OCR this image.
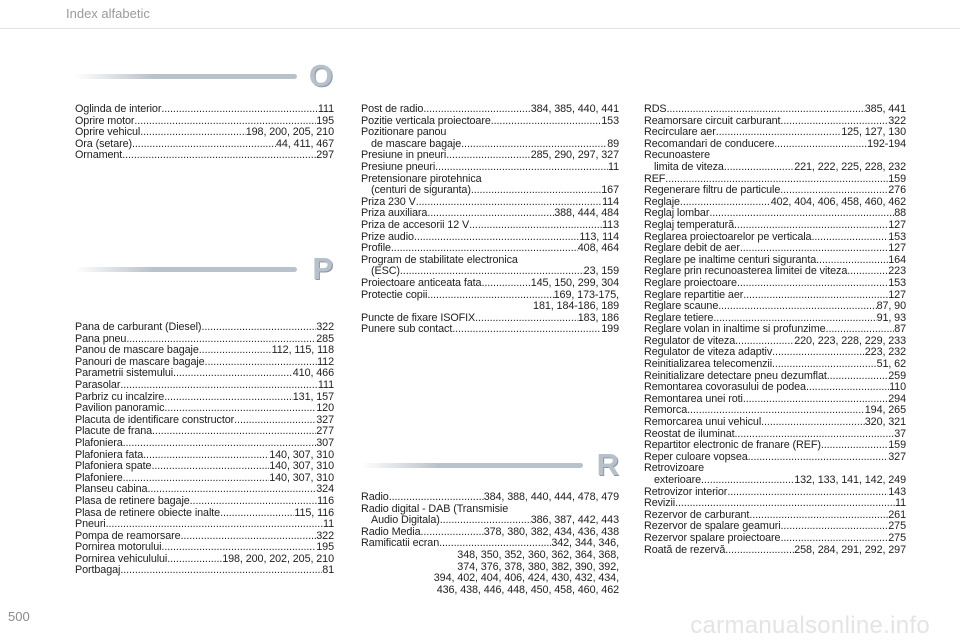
Index alfabetic
O
Oglinda de interior .....	111
Oprire motor .....	195
Oprire vehicul .....	198, 200, 205, 210
Ora (setare) .....	44, 411, 467
Ornament .....	297
P
Pana de carburant (Diesel) .....	322
Pana pneu .....	285
Panou de mascare bagaje .....	112, 115, 118
Panouri de mascare bagaje .....	112
Parametrii sistemului .....	410, 466
Parasolar .....	111
Parbriz cu incalzire .....	131, 157
Pavilion panoramic .....	120
Placuta de identificare constructor .....	327
Placute de frana .....	277
Plafoniera .....	307
Plafoniera fata .....	140, 307, 310
Plafoniera spate .....	140, 307, 310
Plafoniere .....	140, 307, 310
Planseu cabina .....	324
Plasa de retinere bagaje .....	116
Plasa de retinere obiecte inalte .....	115, 116
Pneuri .....	11
Pompa de reamorsare .....	322
Pornirea motorului .....	195
Pornirea vehiculului .....	198, 200, 202, 205, 210
Portbagaj .....	81
Post de radio .....	384, 385, 440, 441
Pozitie verticala proiectoare .....	153
Pozitionare panou
de mascare bagaje .....	89
Presiune in pneuri .....	285, 290, 297, 327
Presiune pneuri .....	11
Pretensionare pirotehnica
(centuri de siguranta) .....	167
Priza 230 V .....	114
Priza auxiliara .....	388, 444, 484
Priza de accesorii 12 V .....	113
Prize audio .....	113, 114
Profile .....	408, 464
Program de stabilitate electronica
(ESC) .....	23, 159
Proiectoare anticeata fata .....	145, 150, 299, 304
Protectie copii .....	169, 173-175,
181, 184-186, 189
Puncte de fixare ISOFIX .....	183, 186
Punere sub contact .....	199
R
Radio .....	384, 388, 440, 444, 478, 479
Radio digital - DAB (Transmisie
Audio Digitala) .....	386, 387, 442, 443
Radio Media .....	378, 380, 382, 434, 436, 438
Ramificatii ecran .....	342, 344, 346,
348, 350, 352, 360, 362, 364, 368,
374, 376, 378, 380, 382, 390, 392,
394, 402, 404, 406, 424, 430, 432, 434,
436, 438, 446, 448, 450, 458, 460, 462
RDS .....	385, 441
Reamorsare circuit carburant .....	322
Recirculare aer .....	125, 127, 130
Recomandari de conducere .....	192-194
Recunoastere
limita de viteza .....	221, 222, 225, 228, 232
REF .....	159
Regenerare filtru de particule .....	276
Reglaje .....	402, 404, 406, 458, 460, 462
Reglaj lombar .....	88
Reglaj temperatură .....	127
Reglarea proiectoarelor pe verticala .....	153
Reglare debit de aer .....	127
Reglare pe inaltime centuri siguranta .....	164
Reglare prin recunoasterea limitei de viteza .....	223
Reglare proiectoare .....	153
Reglare repartitie aer .....	127
Reglare scaune .....	87, 90
Reglare tetiere .....	91, 93
Reglare volan in inaltime si profunzime .....	87
Regulator de viteza .....	220, 223, 228, 229, 233
Regulator de viteza adaptiv .....	223, 232
Reinitializarea telecomenzii .....	51, 62
Reinitializare detectare pneu dezumflat .....	259
Remontarea covorasului de podea .....	110
Remontarea unei roti .....	294
Remorca .....	194, 265
Remorcarea unui vehicul .....	320, 321
Reostat de iluminat .....	37
Repartitor electronic de franare (REF) .....	159
Reper culoare vopsea .....	327
Retrovizoare
exterioare .....	132, 133, 141, 142, 249
Retrovizor interior .....	143
Revizii .....	11
Rezervor de carburant .....	261
Rezervor de spalare geamuri .....	275
Rezervor spalare proiectoare .....	275
Roată de rezervă .....	258, 284, 291, 292, 297
500	carmanualsonline.info
